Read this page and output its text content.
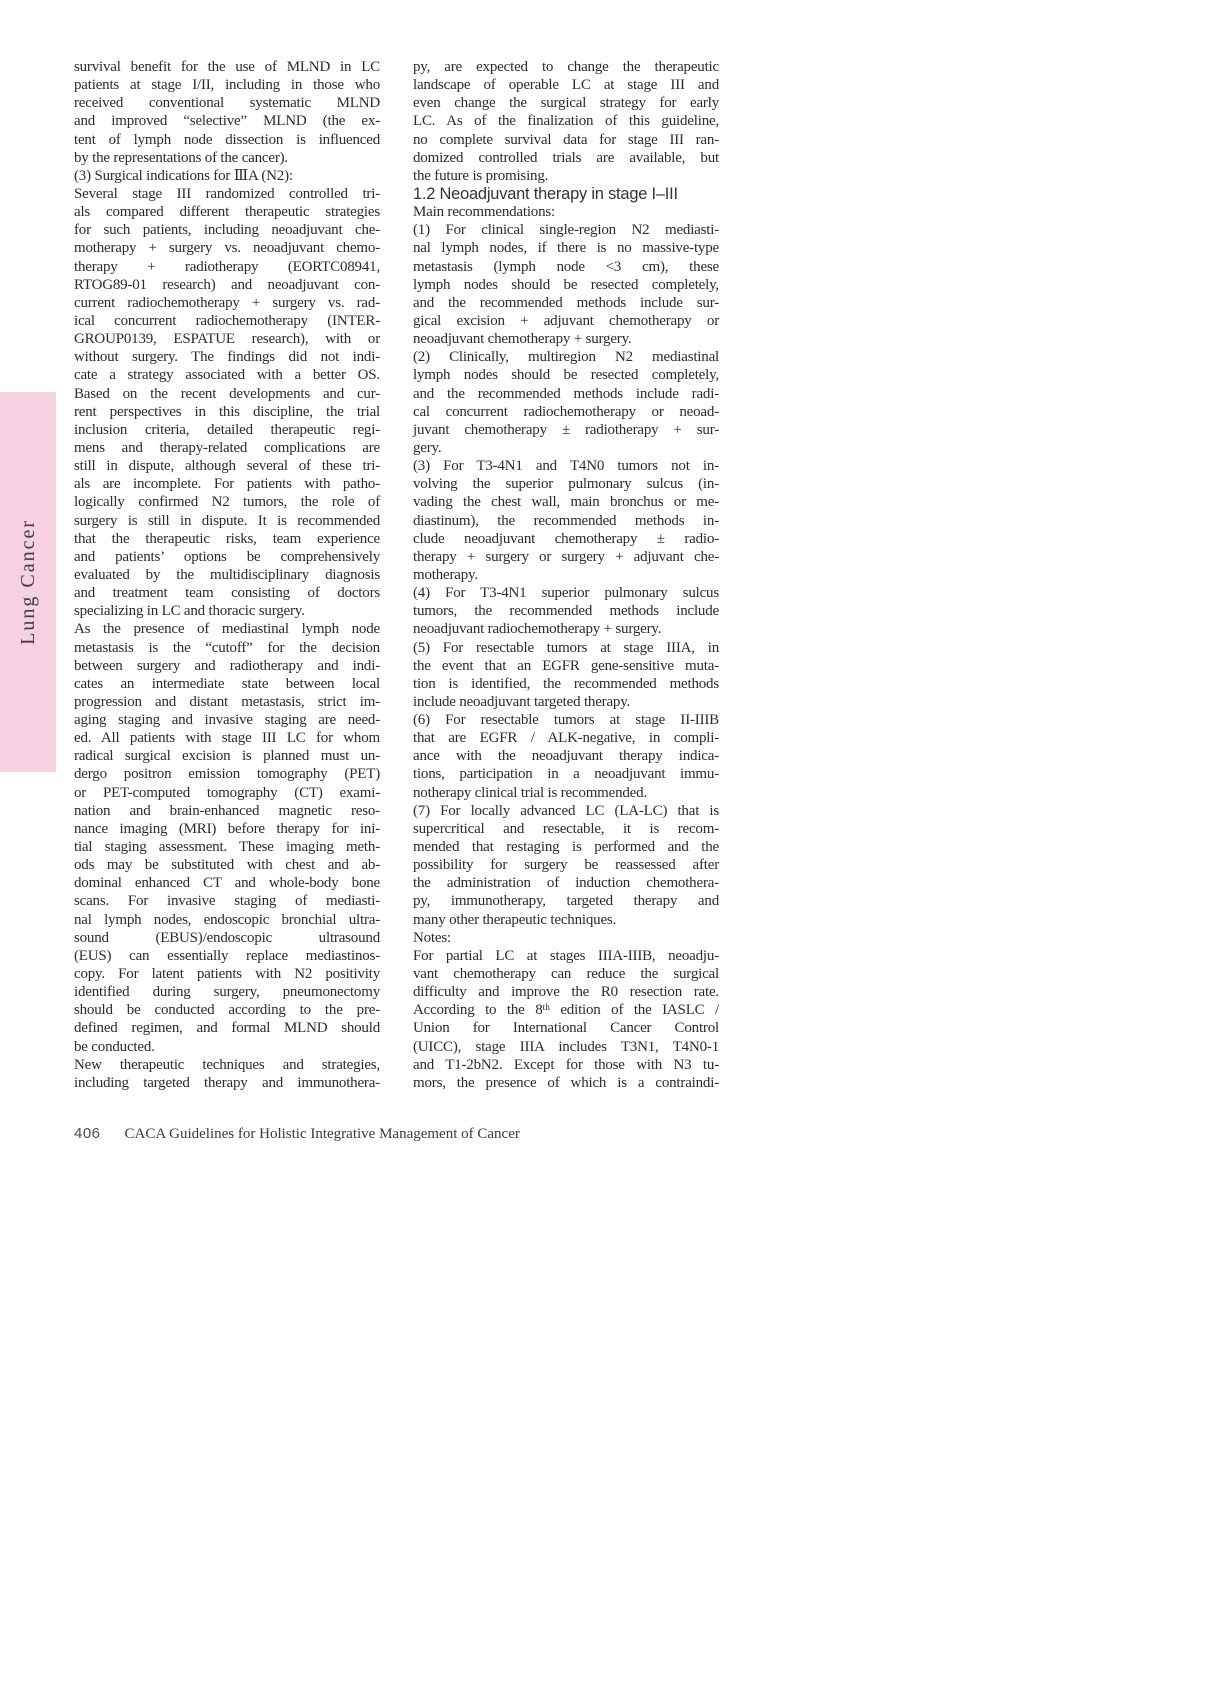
Lung Cancer
survival benefit for the use of MLND in LC
patients at stage I/II, including in those who
received conventional systematic MLND
and improved “selective” MLND (the ex-
tent of lymph node dissection is influenced
by the representations of the cancer).
(3) Surgical indications for ⅢA (N2):
Several stage III randomized controlled tri-
als compared different therapeutic strategies
for such patients, including neoadjuvant che-
motherapy + surgery vs. neoadjuvant chemo-
therapy + radiotherapy (EORTC08941,
RTOG89-01 research) and neoadjuvant con-
current radiochemotherapy + surgery vs. rad-
ical concurrent radiochemotherapy (INTER-
GROUP0139, ESPATUE research), with or
without surgery. The findings did not indi-
cate a strategy associated with a better OS.
Based on the recent developments and cur-
rent perspectives in this discipline, the trial
inclusion criteria, detailed therapeutic regi-
mens and therapy-related complications are
still in dispute, although several of these tri-
als are incomplete. For patients with patho-
logically confirmed N2 tumors, the role of
surgery is still in dispute. It is recommended
that the therapeutic risks, team experience
and patients’ options be comprehensively
evaluated by the multidisciplinary diagnosis
and treatment team consisting of doctors
specializing in LC and thoracic surgery.
As the presence of mediastinal lymph node
metastasis is the “cutoff” for the decision
between surgery and radiotherapy and indi-
cates an intermediate state between local
progression and distant metastasis, strict im-
aging staging and invasive staging are need-
ed. All patients with stage III LC for whom
radical surgical excision is planned must un-
dergo positron emission tomography (PET)
or PET-computed tomography (CT) exami-
nation and brain-enhanced magnetic reso-
nance imaging (MRI) before therapy for ini-
tial staging assessment. These imaging meth-
ods may be substituted with chest and ab-
dominal enhanced CT and whole-body bone
scans. For invasive staging of mediasti-
nal lymph nodes, endoscopic bronchial ultra-
sound (EBUS)/endoscopic ultrasound
(EUS) can essentially replace mediastinos-
copy. For latent patients with N2 positivity
identified during surgery, pneumonectomy
should be conducted according to the pre-
defined regimen, and formal MLND should
be conducted.
New therapeutic techniques and strategies,
including targeted therapy and immunothera-
py, are expected to change the therapeutic
landscape of operable LC at stage III and
even change the surgical strategy for early
LC. As of the finalization of this guideline,
no complete survival data for stage III ran-
domized controlled trials are available, but
the future is promising.
1.2 Neoadjuvant therapy in stage I–III
Main recommendations:
(1) For clinical single-region N2 mediasti-
nal lymph nodes, if there is no massive-type
metastasis (lymph node <3 cm), these
lymph nodes should be resected completely,
and the recommended methods include sur-
gical excision + adjuvant chemotherapy or
neoadjuvant chemotherapy + surgery.
(2) Clinically, multiregion N2 mediastinal
lymph nodes should be resected completely,
and the recommended methods include radi-
cal concurrent radiochemotherapy or neoad-
juvant chemotherapy ± radiotherapy + sur-
gery.
(3) For T3-4N1 and T4N0 tumors not in-
volving the superior pulmonary sulcus (in-
vading the chest wall, main bronchus or me-
diastinum), the recommended methods in-
clude neoadjuvant chemotherapy ± radio-
therapy + surgery or surgery + adjuvant che-
motherapy.
(4) For T3-4N1 superior pulmonary sulcus
tumors, the recommended methods include
neoadjuvant radiochemotherapy + surgery.
(5) For resectable tumors at stage IIIA, in
the event that an EGFR gene-sensitive muta-
tion is identified, the recommended methods
include neoadjuvant targeted therapy.
(6) For resectable tumors at stage II-IIIB
that are EGFR / ALK-negative, in compli-
ance with the neoadjuvant therapy indica-
tions, participation in a neoadjuvant immu-
notherapy clinical trial is recommended.
(7) For locally advanced LC (LA-LC) that is
supercritical and resectable, it is recom-
mended that restaging is performed and the
possibility for surgery be reassessed after
the administration of induction chemothera-
py, immunotherapy, targeted therapy and
many other therapeutic techniques.
Notes:
For partial LC at stages IIIA-IIIB, neoadju-
vant chemotherapy can reduce the surgical
difficulty and improve the R0 resection rate.
According to the 8ᵗʰ edition of the IASLC /
Union for International Cancer Control
(UICC), stage IIIA includes T3N1, T4N0-1
and T1-2bN2. Except for those with N3 tu-
mors, the presence of which is a contraindi-
406 CACA Guidelines for Holistic Integrative Management of Cancer
